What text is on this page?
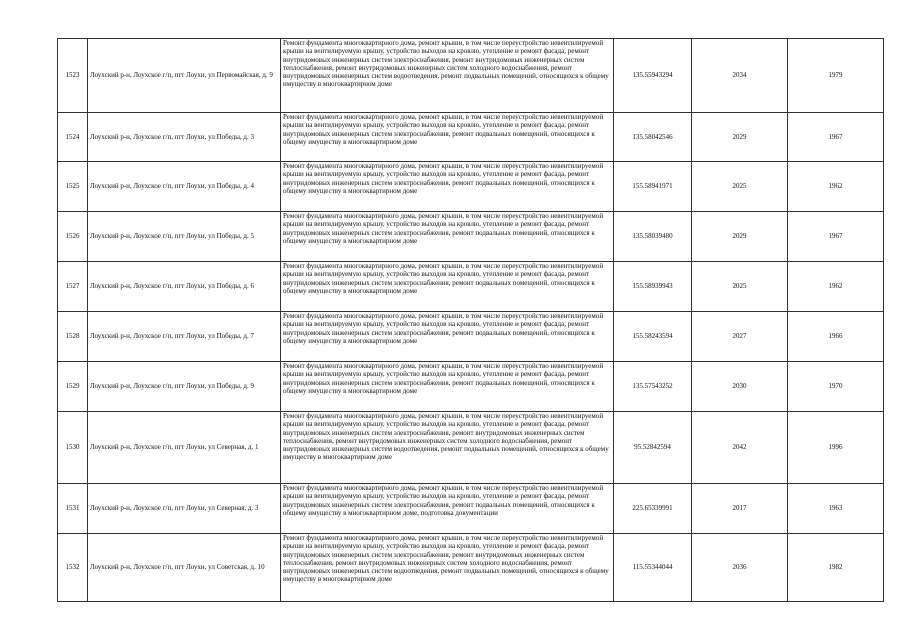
1523	Лоухский р-н, Лоухское г/п, пгт Лоухи, ул Первомайская, д. 9	Ремонт фундамента многоквартирного дома, ремонт крыши, в том числе переустройство невентилируемой крыши на вентилируемую крышу, устройство выходов на кровлю, утепление и ремонт фасада, ремонт внутридомовых инженерных систем электроснабжения, ремонт внутридомовых инженерных систем теплоснабжения, ремонт внутридомовых инженерных систем холодного водоснабжения, ремонт внутридомовых инженерных систем водоотведения, ремонт подвальных помещений, относящихся к общему имуществу в многоквартирном доме	135.55943294	2034	1979
1524	Лоухский р-н, Лоухское г/п, пгт Лоухи, ул Победы, д. 3	Ремонт фундамента многоквартирного дома, ремонт крыши, в том числе переустройство невентилируемой крыши на вентилируемую крышу, устройство выходов на кровлю, утепление и ремонт фасада, ремонт внутридомовых инженерных систем электроснабжения, ремонт подвальных помещений, относящихся к общему имуществу в многоквартирном доме	135.58042546	2029	1967
1525	Лоухский р-н, Лоухское г/п, пгт Лоухи, ул Победы, д. 4	Ремонт фундамента многоквартирного дома, ремонт крыши, в том числе переустройство невентилируемой крыши на вентилируемую крышу, устройство выходов на кровлю, утепление и ремонт фасада, ремонт внутридомовых инженерных систем электроснабжения, ремонт подвальных помещений, относящихся к общему имуществу в многоквартирном доме	155.58941971	2025	1962
1526	Лоухский р-н, Лоухское г/п, пгт Лоухи, ул Победы, д. 5	Ремонт фундамента многоквартирного дома, ремонт крыши, в том числе переустройство невентилируемой крыши на вентилируемую крышу, устройство выходов на кровлю, утепление и ремонт фасада, ремонт внутридомовых инженерных систем электроснабжения, ремонт подвальных помещений, относящихся к общему имуществу в многоквартирном доме	135.58039480	2029	1967
1527	Лоухский р-н, Лоухское г/п, пгт Лоухи, ул Победы, д. 6	Ремонт фундамента многоквартирного дома, ремонт крыши, в том числе переустройство невентилируемой крыши на вентилируемую крышу, устройство выходов на кровлю, утепление и ремонт фасада, ремонт внутридомовых инженерных систем электроснабжения, ремонт подвальных помещений, относящихся к общему имуществу в многоквартирном доме	155.58939943	2025	1962
1528	Лоухский р-н, Лоухское г/п, пгт Лоухи, ул Победы, д. 7	Ремонт фундамента многоквартирного дома, ремонт крыши, в том числе переустройство невентилируемой крыши на вентилируемую крышу, устройство выходов на кровлю, утепление и ремонт фасада, ремонт внутридомовых инженерных систем электроснабжения, ремонт подвальных помещений, относящихся к общему имуществу в многоквартирном доме	155.58243594	2027	1966
1529	Лоухский р-н, Лоухское г/п, пгт Лоухи, ул Победы, д. 9	Ремонт фундамента многоквартирного дома, ремонт крыши, в том числе переустройство невентилируемой крыши на вентилируемую крышу, устройство выходов на кровлю, утепление и ремонт фасада, ремонт внутридомовых инженерных систем электроснабжения, ремонт подвальных помещений, относящихся к общему имуществу в многоквартирном доме	135.57543252	2030	1970
1530	Лоухский р-н, Лоухское г/п, пгт Лоухи, ул Северная, д. 1	Ремонт фундамента многоквартирного дома, ремонт крыши, в том числе переустройство невентилируемой крыши на вентилируемую крышу, устройство выходов на кровлю, утепление и ремонт фасада, ремонт внутридомовых инженерных систем электроснабжения, ремонт внутридомовых инженерных систем теплоснабжения, ремонт внутридомовых инженерных систем холодного водоснабжения, ремонт внутридомовых инженерных систем водоотведения, ремонт подвальных помещений, относящихся к общему имуществу в многоквартирном доме	95.52842594	2042	1996
1531	Лоухский р-н, Лоухское г/п, пгт Лоухи, ул Северная, д. 3	Ремонт фундамента многоквартирного дома, ремонт крыши, в том числе переустройство невентилируемой крыши на вентилируемую крышу, устройство выходов на кровлю, утепление и ремонт фасада, ремонт внутридомовых инженерных систем электроснабжения, ремонт подвальных помещений, относящихся к общему имуществу в многоквартирном доме, подготовка документации	225.65339991	2017	1963
1532	Лоухский р-н, Лоухское г/п, пгт Лоухи, ул Советская, д. 10	Ремонт фундамента многоквартирного дома, ремонт крыши, в том числе переустройство невентилируемой крыши на вентилируемую крышу, устройство выходов на кровлю, утепление и ремонт фасада, ремонт внутридомовых инженерных систем электроснабжения, ремонт внутридомовых инженерных систем теплоснабжения, ремонт внутридомовых инженерных систем холодного водоснабжения, ремонт внутридомовых инженерных систем водоотведения, ремонт подвальных помещений, относящихся к общему имуществу в многоквартирном доме	115.55344044	2036	1982
